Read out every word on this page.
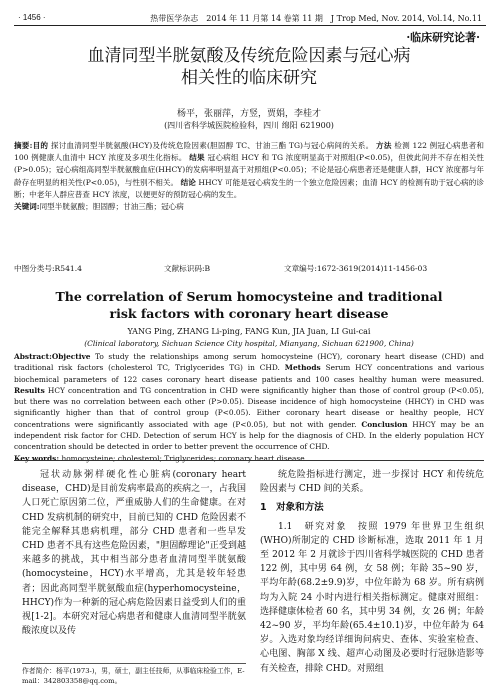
· 1456 ·	热带医学杂志　2014 年 11 月第 14 卷第 11 期　J Trop Med, Nov. 2014, Vol.14, No.11
·临床研究论著·
血清同型半胱氨酸及传统危险因素与冠心病
相关性的临床研究
杨平，张丽萍，方竖，贾娟，李桂才
(四川省科学城医院检验科，四川 绵阳 621900)
摘要:目的 探讨血清同型半胱氨酸(HCY)及传统危险因素(胆固醇 TC、甘油三酯 TG)与冠心病间的关系。 方法 检测 122 例冠心病患者和 100 例健康人血清中 HCY 浓度及多项生化指标。 结果 冠心病组 HCY 和 TG 浓度明显高于对照组(P<0.05)，但彼此间并不存在相关性(P>0.05)；冠心病组高同型半胱氨酸血症(HHCY)的发病率明显高于对照组(P<0.05)；不论是冠心病患者还是健康人群，HCY 浓度都与年龄存在明显的相关性(P<0.05)，与性别不相关。 结论 HHCY 可能是冠心病发生的一个独立危险因素；血清 HCY 的检测有助于冠心病的诊断；中老年人群应普查 HCY 浓度，以便更好的预防冠心病的发生。
关键词:同型半胱氨酸；胆固醇；甘油三酯；冠心病
中图分类号:R541.4	文献标识码:B	文章编号:1672-3619(2014)11-1456-03
The correlation of Serum homocysteine and traditional
risk factors with coronary heart disease
YANG Ping, ZHANG Li-ping, FANG Kun, JIA Juan, LI Gui-cai
(Clinical laboratory, Sichuan Science City hospital, Mianyang, Sichuan 621900, China)
Abstract:Objective To study the relationships among serum homocysteine (HCY), coronary heart disease (CHD) and traditional risk factors (cholesterol TC, Triglycerides TG) in CHD. Methods Serum HCY concentrations and various biochemical parameters of 122 cases coronary heart disease patients and 100 cases healthy human were measured. Results HCY concentration and TG concentration in CHD were significantly higher than those of control group (P<0.05), but there was no correlation between each other (P>0.05). Disease incidence of high homocysteine (HHCY) in CHD was significantly higher than that of control group (P<0.05). Either coronary heart disease or healthy people, HCY concentrations were significantly associated with age (P<0.05), but not with gender. Conclusion HHCY may be an independent risk factor for CHD. Detection of serum HCY is help for the diagnosis of CHD. In the elderly population HCY concentration should be detected in order to better prevent the occurrence of CHD.
Key words: homocysteine; cholesterol; Triglycerides; coronary heart disease

冠状动脉粥样硬化性心脏病(coronary heart disease，CHD)是目前发病率最高的疾病之一，占我国人口死亡原因第二位，严重威胁人们的生命健康。在对 CHD 发病机制的研究中，目前已知的 CHD 危险因素不能完全解释其患病机理，部分 CHD 患者和一些早发 CHD 患者不具有这些危险因素，"胆固醇理论"正受到越来越多的挑战，其中相当部分患者血清同型半胱氨酸(homocysteine，HCY)水平增高，尤其是较年轻患者；因此高同型半胱氨酸血症(hyperhomocysteine，HHCY)作为一种新的冠心病危险因素日益受到人们的重视[1-2]。本研究对冠心病患者和健康人血清同型半胱氨酸浓度以及传

统危险指标进行测定，进一步探讨 HCY 和传统危险因素与 CHD 间的关系。

1　对象和方法

1.1　研究对象　按照 1979 年世界卫生组织(WHO)所制定的 CHD 诊断标准，选取 2011 年 1 月至 2012 年 2 月就诊于四川省科学城医院的 CHD 患者 122 例，其中男 64 例，女 58 例；年龄 35~90 岁，平均年龄(68.2±9.9)岁，中位年龄为 68 岁。所有病例均为入院 24 小时内进行相关指标测定。健康对照组：选择健康体检者 60 名，其中男 34 例，女 26 例；年龄 42~90 岁，平均年龄(65.4±10.1)岁，中位年龄为 64 岁。入选对象均经详细询问病史、查体、实验室检查、心电图、胸部 X 线、超声心动图及必要时行冠脉造影等有关检查，排除 CHD。对照组

作者简介：杨平(1973-)，男，硕士，副主任技师，从事临床检验工作，E-mail：342803358@qq.com。
